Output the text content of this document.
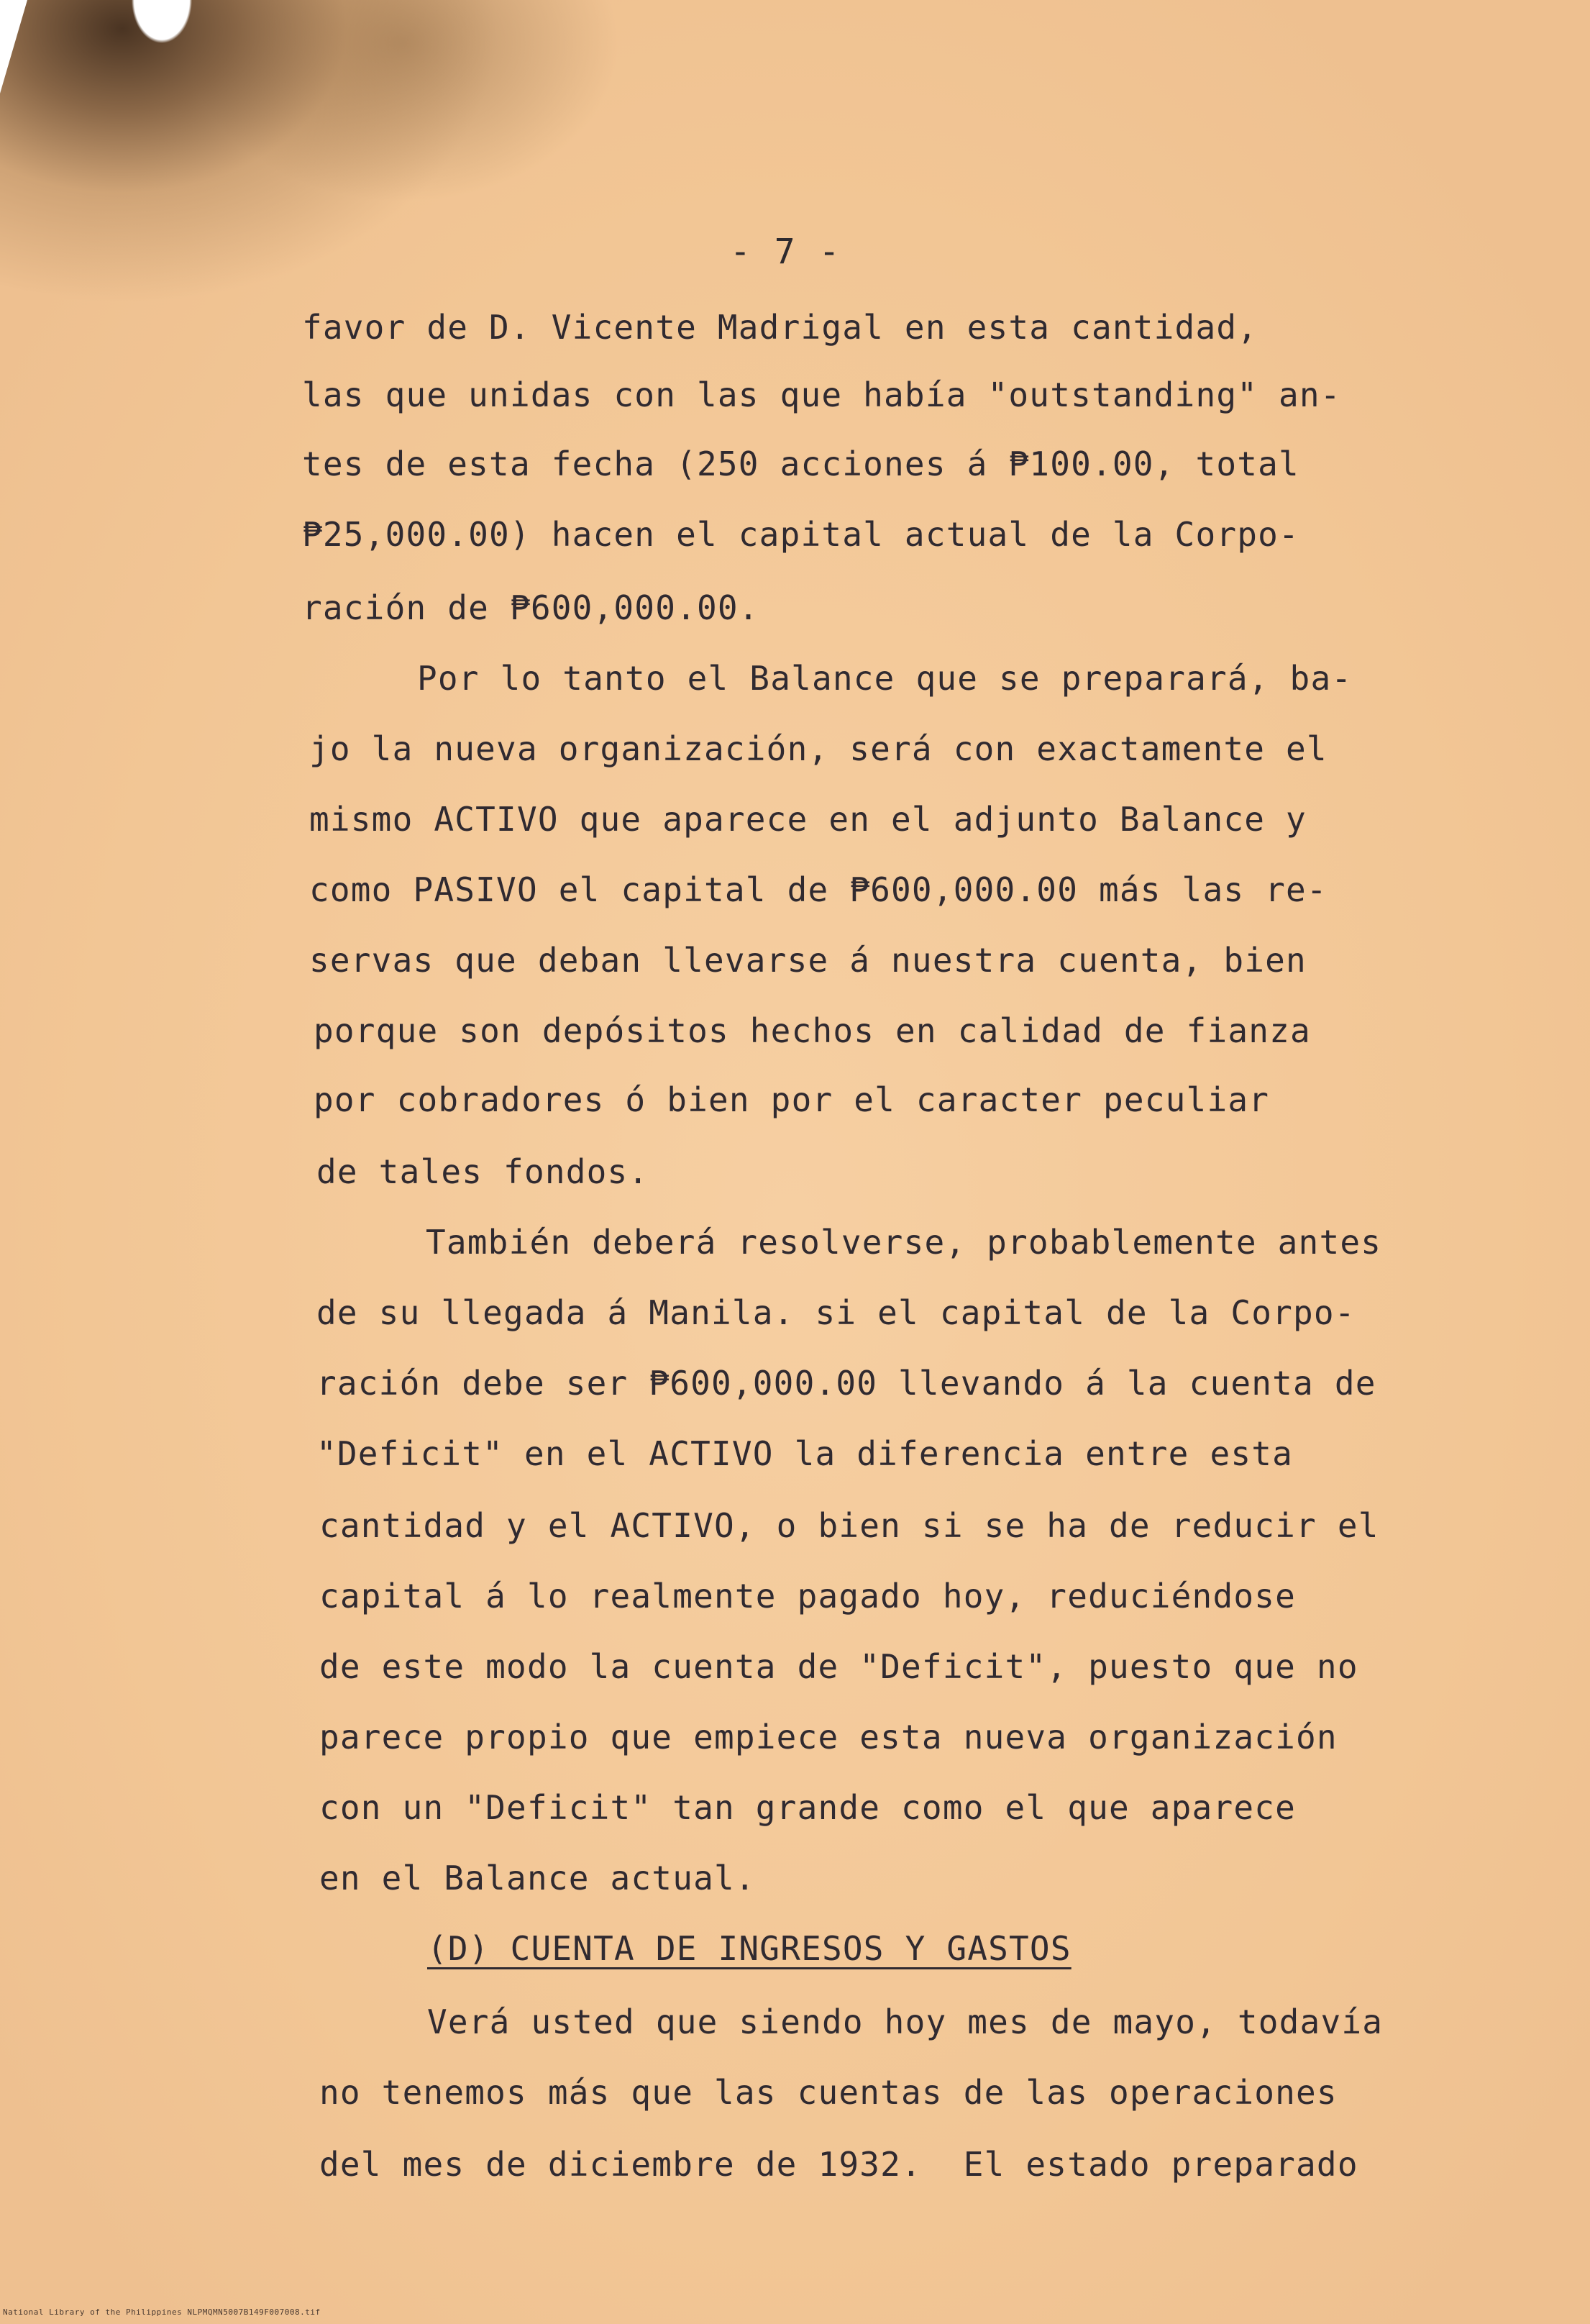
- 7 -
favor de D. Vicente Madrigal en esta cantidad,
las que unidas con las que había "outstanding" an-
tes de esta fecha (250 acciones á ₱100.00, total
₱25,000.00) hacen el capital actual de la Corpo-
ración de ₱600,000.00.
Por lo tanto el Balance que se preparará, ba-
jo la nueva organización, será con exactamente el
mismo ACTIVO que aparece en el adjunto Balance y
como PASIVO el capital de ₱600,000.00 más las re-
servas que deban llevarse á nuestra cuenta, bien
porque son depósitos hechos en calidad de fianza
por cobradores ó bien por el caracter peculiar
de tales fondos.
También deberá resolverse, probablemente antes
de su llegada á Manila. si el capital de la Corpo-
ración debe ser ₱600,000.00 llevando á la cuenta de
"Deficit" en el ACTIVO la diferencia entre esta
cantidad y el ACTIVO, o bien si se ha de reducir el
capital á lo realmente pagado hoy, reduciéndose
de este modo la cuenta de "Deficit", puesto que no
parece propio que empiece esta nueva organización
con un "Deficit" tan grande como el que aparece
en el Balance actual.
(D) CUENTA DE INGRESOS Y GASTOS
Verá usted que siendo hoy mes de mayo, todavía
no tenemos más que las cuentas de las operaciones
del mes de diciembre de 1932.  El estado preparado
National Library of the Philippines NLPMQMN5007B149F007008.tif
